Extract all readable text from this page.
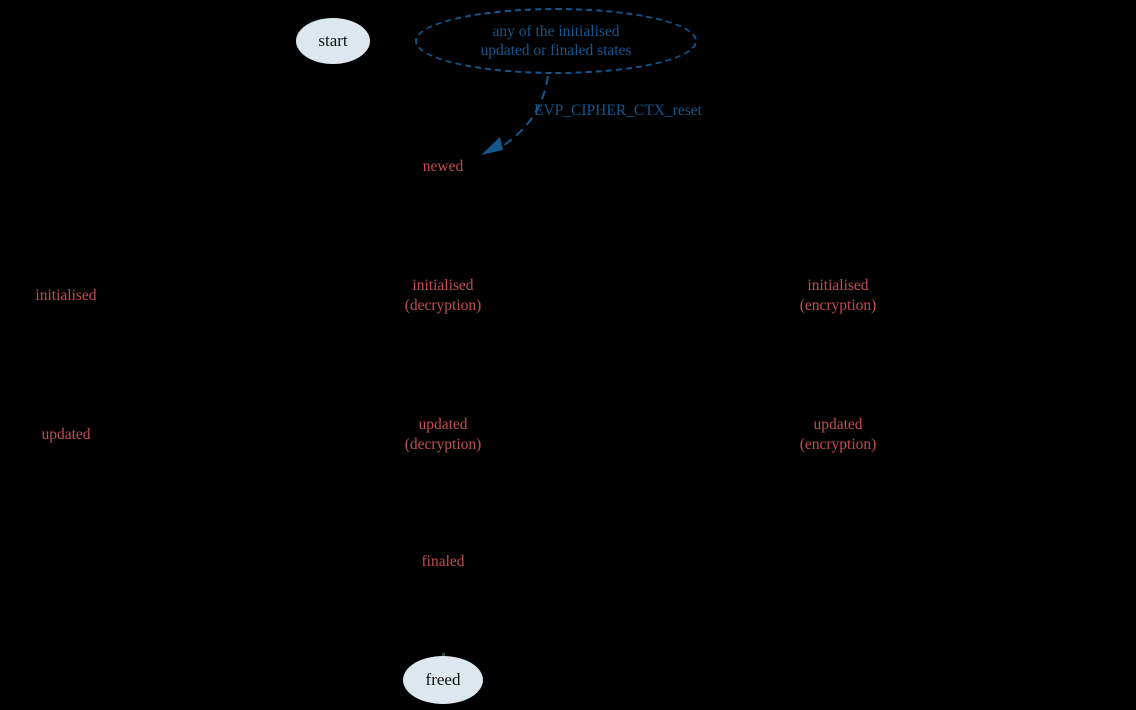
start	any of the initialised
updated or finaled states
EVP_CIPHER_CTX_reset
newed
initialised
initialised
(decryption)
initialised
(encryption)
updated
updated
(decryption)
updated
(encryption)
finaled
freed
